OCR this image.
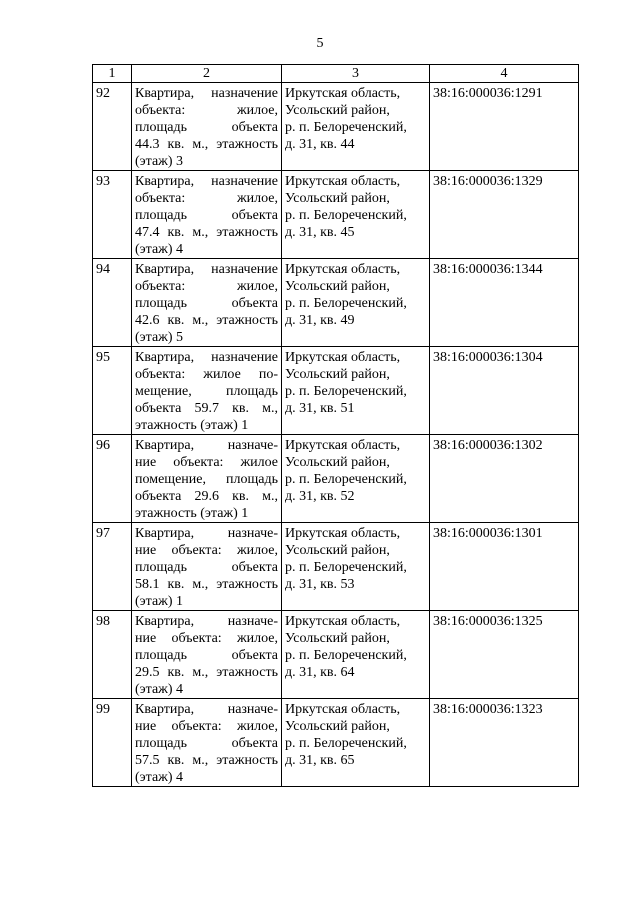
5
1	2	3	4
92	Квартира, назначение
объекта: жилое,
площадь объекта
44.3 кв. м., этажность
(этаж) 3	Иркутская область,
Усольский район,
р. п. Белореченский,
д. 31, кв. 44	38:16:000036:1291
93	Квартира, назначение
объекта: жилое,
площадь объекта
47.4 кв. м., этажность
(этаж) 4	Иркутская область,
Усольский район,
р. п. Белореченский,
д. 31, кв. 45	38:16:000036:1329
94	Квартира, назначение
объекта: жилое,
площадь объекта
42.6 кв. м., этажность
(этаж) 5	Иркутская область,
Усольский район,
р. п. Белореченский,
д. 31, кв. 49	38:16:000036:1344
95	Квартира, назначение
объекта: жилое по-
мещение, площадь
объекта 59.7 кв. м.,
этажность (этаж) 1	Иркутская область,
Усольский район,
р. п. Белореченский,
д. 31, кв. 51	38:16:000036:1304
96	Квартира, назначе-
ние объекта: жилое
помещение, площадь
объекта 29.6 кв. м.,
этажность (этаж) 1	Иркутская область,
Усольский район,
р. п. Белореченский,
д. 31, кв. 52	38:16:000036:1302
97	Квартира, назначе-
ние объекта: жилое,
площадь объекта
58.1 кв. м., этажность
(этаж) 1	Иркутская область,
Усольский район,
р. п. Белореченский,
д. 31, кв. 53	38:16:000036:1301
98	Квартира, назначе-
ние объекта: жилое,
площадь объекта
29.5 кв. м., этажность
(этаж) 4	Иркутская область,
Усольский район,
р. п. Белореченский,
д. 31, кв. 64	38:16:000036:1325
99	Квартира, назначе-
ние объекта: жилое,
площадь объекта
57.5 кв. м., этажность
(этаж) 4	Иркутская область,
Усольский район,
р. п. Белореченский,
д. 31, кв. 65	38:16:000036:1323
